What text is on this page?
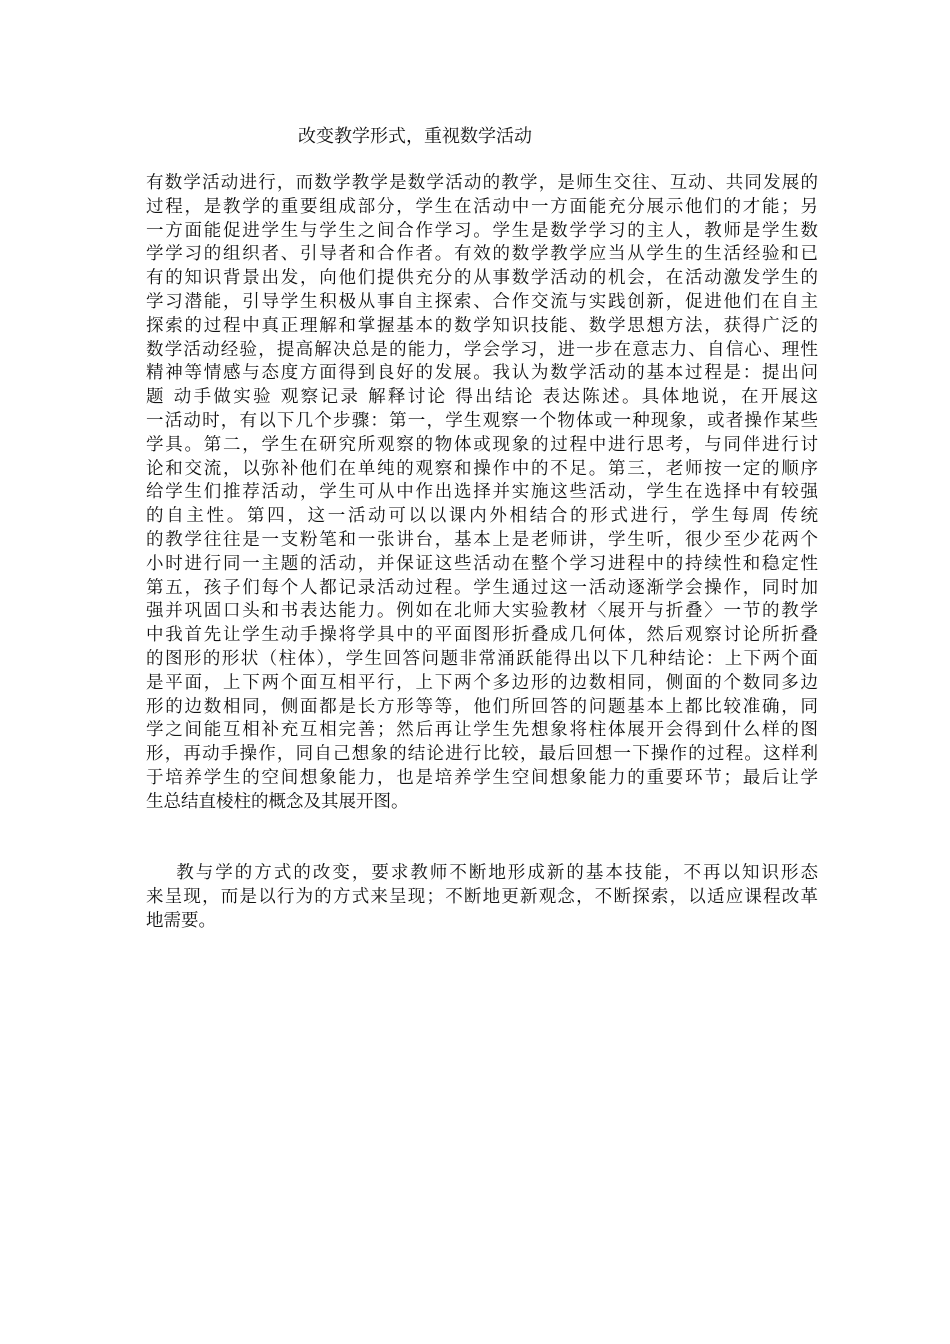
改变教学形式，重视数学活动
有数学活动进行，而数学教学是数学活动的教学，是师生交往、互动、共同发展的
过程，是教学的重要组成部分，学生在活动中一方面能充分展示他们的才能；另
一方面能促进学生与学生之间合作学习。学生是数学学习的主人，教师是学生数
学学习的组织者、引导者和合作者。有效的数学教学应当从学生的生活经验和已
有的知识背景出发，向他们提供充分的从事数学活动的机会，在活动激发学生的
学习潜能，引导学生积极从事自主探索、合作交流与实践创新，促进他们在自主
探索的过程中真正理解和掌握基本的数学知识技能、数学思想方法，获得广泛的
数学活动经验，提高解决总是的能力，学会学习，进一步在意志力、自信心、理性
精神等情感与态度方面得到良好的发展。我认为数学活动的基本过程是：提出问
题 动手做实验 观察记录 解释讨论 得出结论 表达陈述。具体地说，在开展这
一活动时，有以下几个步骤：第一，学生观察一个物体或一种现象，或者操作某些
学具。第二，学生在研究所观察的物体或现象的过程中进行思考，与同伴进行讨
论和交流，以弥补他们在单纯的观察和操作中的不足。第三，老师按一定的顺序
给学生们推荐活动，学生可从中作出选择并实施这些活动，学生在选择中有较强
的自主性。第四，这一活动可以以课内外相结合的形式进行，学生每周 传统
的教学往往是一支粉笔和一张讲台，基本上是老师讲，学生听，很少至少花两个
小时进行同一主题的活动，并保证这些活动在整个学习进程中的持续性和稳定性
第五，孩子们每个人都记录活动过程。学生通过这一活动逐渐学会操作，同时加
强并巩固口头和书表达能力。例如在北师大实验教材〈展开与折叠〉一节的教学
中我首先让学生动手操将学具中的平面图形折叠成几何体，然后观察讨论所折叠
的图形的形状（柱体），学生回答问题非常涌跃能得出以下几种结论：上下两个面
是平面，上下两个面互相平行，上下两个多边形的边数相同，侧面的个数同多边
形的边数相同，侧面都是长方形等等，他们所回答的问题基本上都比较准确，同
学之间能互相补充互相完善；然后再让学生先想象将柱体展开会得到什么样的图
形，再动手操作，同自己想象的结论进行比较，最后回想一下操作的过程。这样利
于培养学生的空间想象能力，也是培养学生空间想象能力的重要环节；最后让学
生总结直棱柱的概念及其展开图。
教与学的方式的改变，要求教师不断地形成新的基本技能，不再以知识形态
来呈现，而是以行为的方式来呈现；不断地更新观念，不断探索，以适应课程改革
地需要。
